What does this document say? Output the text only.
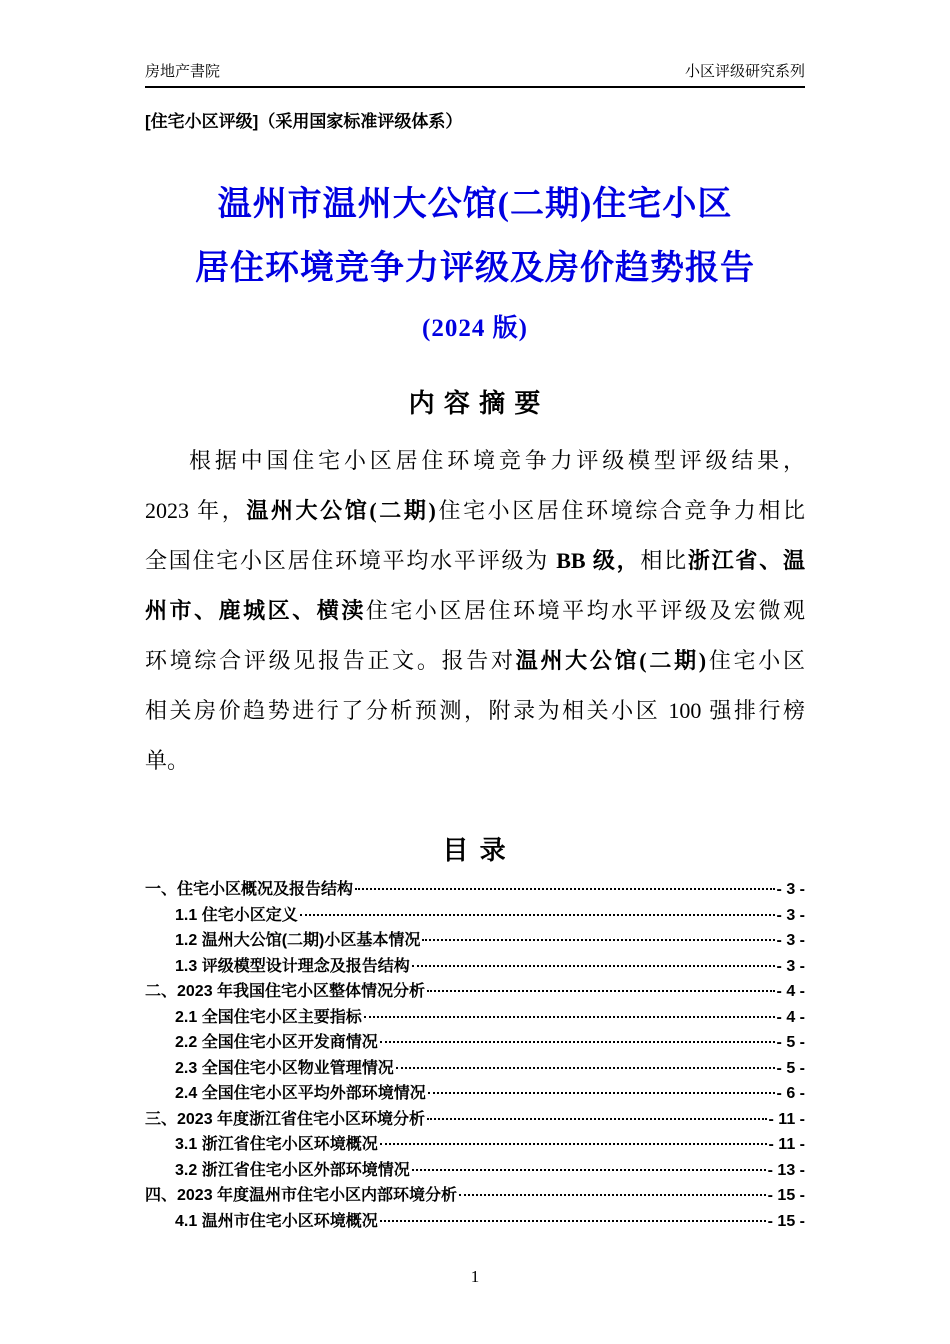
房地产書院	小区评级研究系列
[住宅小区评级]（采用国家标准评级体系）
温州市温州大公馆(二期)住宅小区
居住环境竞争力评级及房价趋势报告
(2024 版)
内 容 摘 要
根据中国住宅小区居住环境竞争力评级模型评级结果，
2023 年，温州大公馆(二期)住宅小区居住环境综合竞争力相比
全国住宅小区居住环境平均水平评级为 BB 级，相比浙江省、温
州市、鹿城区、横渎住宅小区居住环境平均水平评级及宏微观
环境综合评级见报告正文。报告对温州大公馆(二期)住宅小区
相关房价趋势进行了分析预测，附录为相关小区 100 强排行榜
单。
目 录
一、住宅小区概况及报告结构	- 3 -
1.1 住宅小区定义	- 3 -
1.2 温州大公馆(二期)小区基本情况	- 3 -
1.3 评级模型设计理念及报告结构	- 3 -
二、2023 年我国住宅小区整体情况分析	- 4 -
2.1 全国住宅小区主要指标	- 4 -
2.2 全国住宅小区开发商情况	- 5 -
2.3 全国住宅小区物业管理情况	- 5 -
2.4 全国住宅小区平均外部环境情况	- 6 -
三、2023 年度浙江省住宅小区环境分析	- 11 -
3.1 浙江省住宅小区环境概况	- 11 -
3.2 浙江省住宅小区外部环境情况	- 13 -
四、2023 年度温州市住宅小区内部环境分析	- 15 -
4.1 温州市住宅小区环境概况	- 15 -
1
